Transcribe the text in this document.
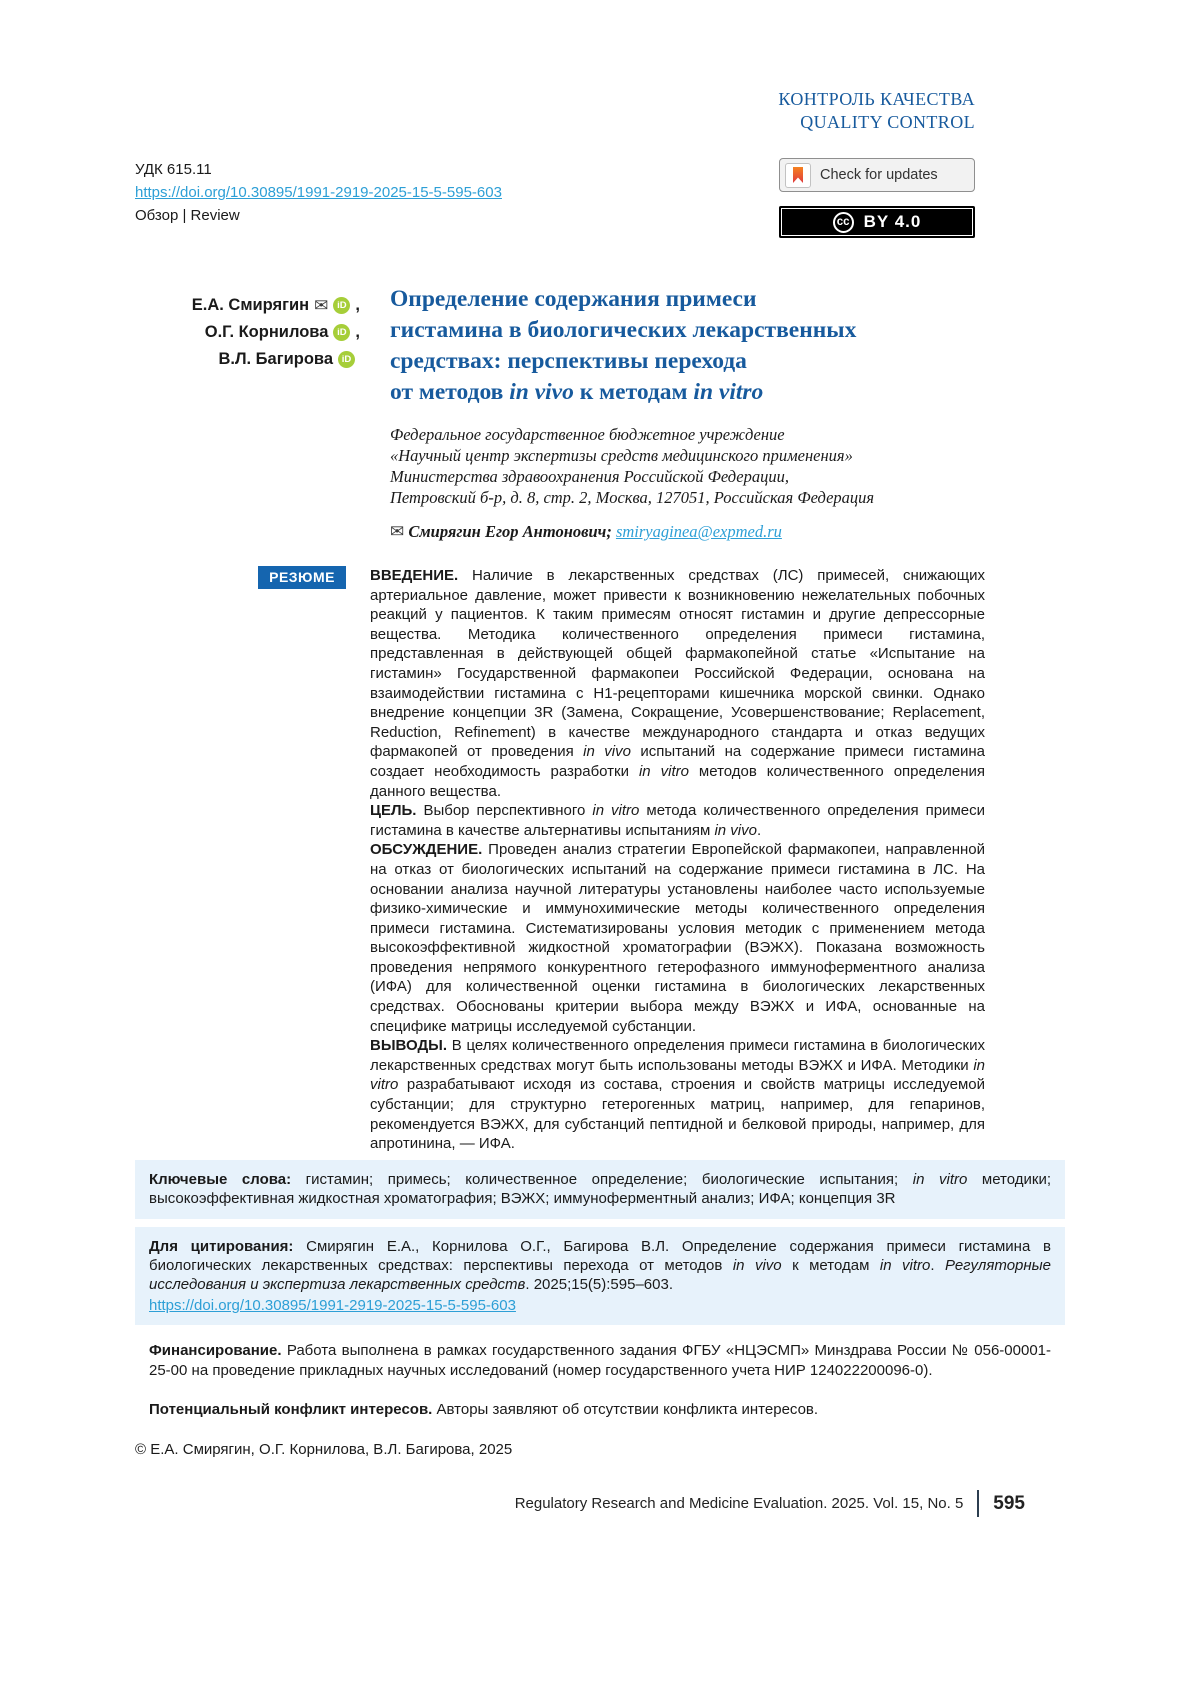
КОНТРОЛЬ КАЧЕСТВА
QUALITY CONTROL
УДК 615.11
https://doi.org/10.30895/1991-2919-2025-15-5-595-603
Обзор | Review
Check for updates
cc BY 4.0
Е.А. Смирягин ✉ iD ,
О.Г. Корнилова iD ,
В.Л. Багирова iD
Определение содержания примеси
гистамина в биологических лекарственных
средствах: перспективы перехода
от методов in vivo к методам in vitro
Федеральное государственное бюджетное учреждение
«Научный центр экспертизы средств медицинского применения»
Министерства здравоохранения Российской Федерации,
Петровский б-р, д. 8, стр. 2, Москва, 127051, Российская Федерация
✉ Смирягин Егор Антонович; smiryaginea@expmed.ru
РЕЗЮМЕ	ВВЕДЕНИЕ. Наличие в лекарственных средствах (ЛС) примесей, снижающих артериальное давление, может привести к возникновению нежелательных побочных реакций у пациентов. К таким примесям относят гистамин и другие депрессорные вещества. Методика количественного определения примеси гистамина, представленная в действующей общей фармакопейной статье «Испытание на гистамин» Государственной фармакопеи Российской Федерации, основана на взаимодействии гистамина с H1-рецепторами кишечника морской свинки. Однако внедрение концепции 3R (Замена, Сокращение, Усовершенствование; Replacement, Reduction, Refinement) в качестве международного стандарта и отказ ведущих фармакопей от проведения in vivo испытаний на содержание примеси гистамина создает необходимость разработки in vitro методов количественного определения данного вещества.

ЦЕЛЬ. Выбор перспективного in vitro метода количественного определения примеси гистамина в качестве альтернативы испытаниям in vivo.

ОБСУЖДЕНИЕ. Проведен анализ стратегии Европейской фармакопеи, направленной на отказ от биологических испытаний на содержание примеси гистамина в ЛС. На основании анализа научной литературы установлены наиболее часто используемые физико-химические и иммунохимические методы количественного определения примеси гистамина. Систематизированы условия методик с применением метода высокоэффективной жидкостной хроматографии (ВЭЖХ). Показана возможность проведения непрямого конкурентного гетерофазного иммуноферментного анализа (ИФА) для количественной оценки гистамина в биологических лекарственных средствах. Обоснованы критерии выбора между ВЭЖХ и ИФА, основанные на специфике матрицы исследуемой субстанции.

ВЫВОДЫ. В целях количественного определения примеси гистамина в биологических лекарственных средствах могут быть использованы методы ВЭЖХ и ИФА. Методики in vitro разрабатывают исходя из состава, строения и свойств матрицы исследуемой субстанции; для структурно гетерогенных матриц, например, для гепаринов, рекомендуется ВЭЖХ, для субстанций пептидной и белковой природы, например, для апротинина, — ИФА.

Ключевые слова: гистамин; примесь; количественное определение; биологические испытания; in vitro методики; высокоэффективная жидкостная хроматография; ВЭЖХ; иммуноферментный анализ; ИФА; концепция 3R

Для цитирования: Смирягин Е.А., Корнилова О.Г., Багирова В.Л. Определение содержания примеси гистамина в биологических лекарственных средствах: перспективы перехода от методов in vivo к методам in vitro. Регуляторные исследования и экспертиза лекарственных средств. 2025;15(5):595–603.

https://doi.org/10.30895/1991-2919-2025-15-5-595-603

Финансирование. Работа выполнена в рамках государственного задания ФГБУ «НЦЭСМП» Минздрава России № 056-00001-25-00 на проведение прикладных научных исследований (номер государственного учета НИР 124022200096-0).

Потенциальный конфликт интересов. Авторы заявляют об отсутствии конфликта интересов.

© Е.А. Смирягин, О.Г. Корнилова, В.Л. Багирова, 2025
Regulatory Research and Medicine Evaluation. 2025. Vol. 15, No. 5 595
